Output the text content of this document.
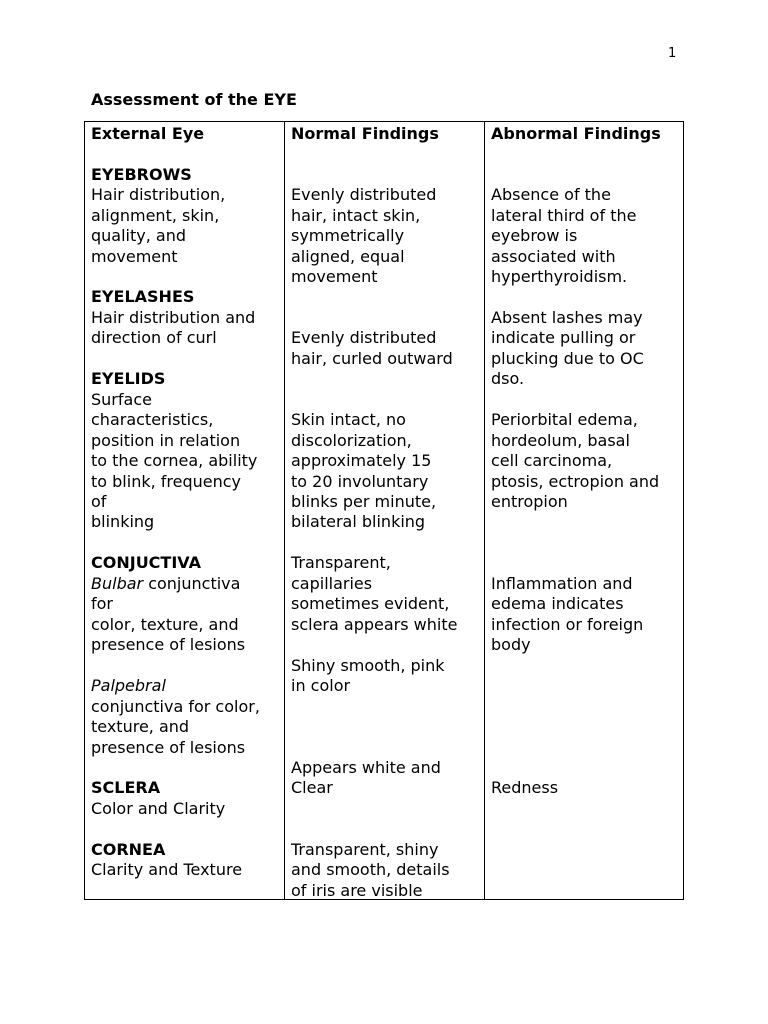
1
Assessment of the EYE
External Eye	Normal Findings	Abnormal Findings
EYEBROWS
Hair distribution,
alignment, skin,
quality, and
movement
EYELASHES
Hair distribution and
direction of curl
EYELIDS
Surface
characteristics,
position in relation
to the cornea, ability
to blink, frequency
of
blinking
CONJUCTIVA
Bulbar conjunctiva
for
color, texture, and
presence of lesions
Palpebral
conjunctiva for color,
texture, and
presence of lesions
SCLERA
Color and Clarity
CORNEA
Clarity and Texture
Evenly distributed
hair, intact skin,
symmetrically
aligned, equal
movement
Evenly distributed
hair, curled outward
Skin intact, no
discolorization,
approximately 15
to 20 involuntary
blinks per minute,
bilateral blinking
Transparent,
capillaries
sometimes evident,
sclera appears white
Shiny smooth, pink
in color
Appears white and
Clear
Transparent, shiny
and smooth, details
of iris are visible
Absence of the
lateral third of the
eyebrow is
associated with
hyperthyroidism.
Absent lashes may
indicate pulling or
plucking due to OC
dso.
Periorbital edema,
hordeolum, basal
cell carcinoma,
ptosis, ectropion and
entropion
Inflammation and
edema indicates
infection or foreign
body
Redness
